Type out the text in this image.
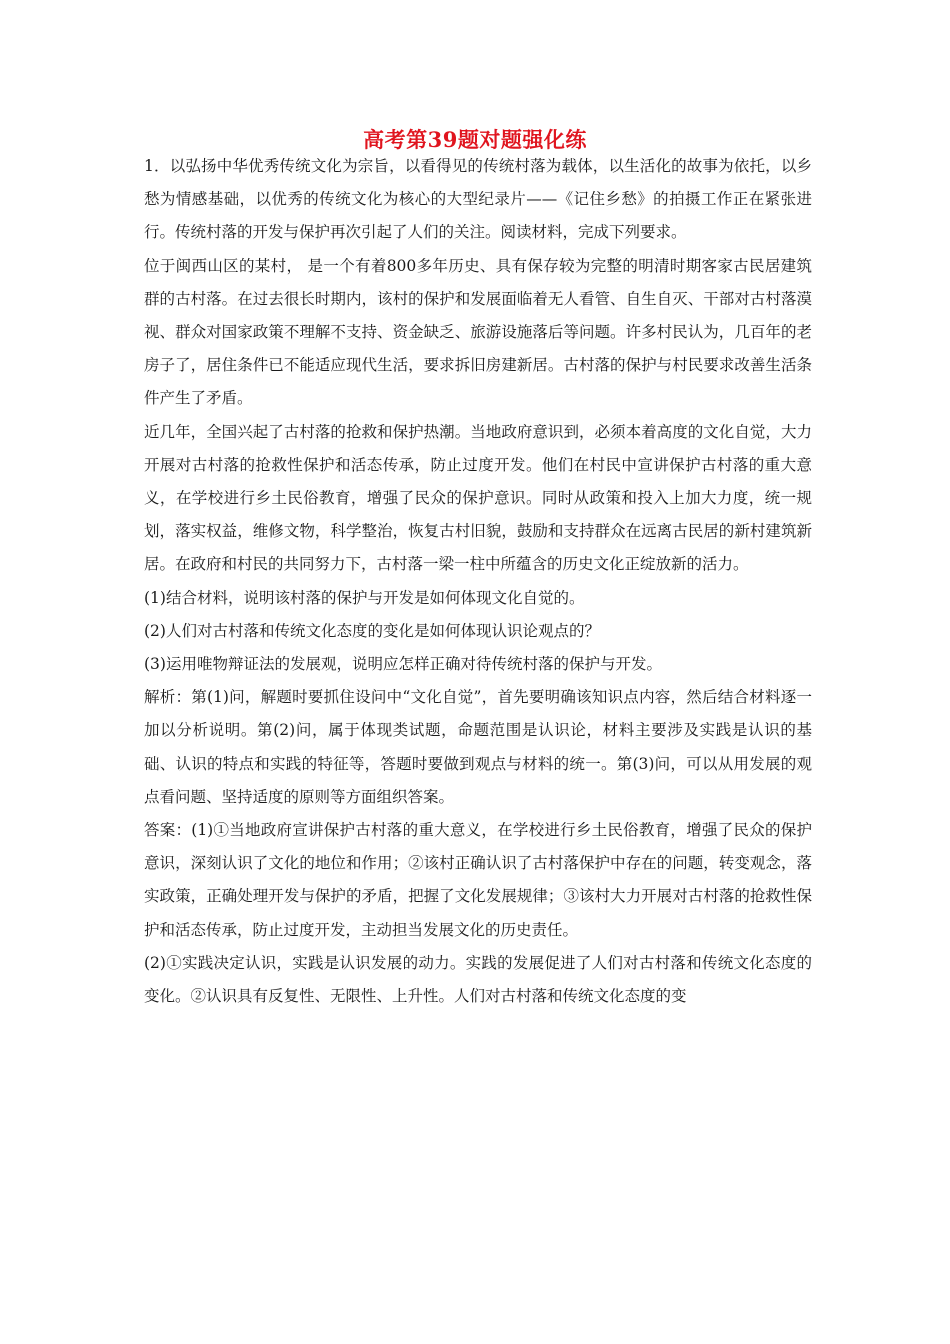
高考第39题对题强化练

1．以弘扬中华优秀传统文化为宗旨，以看得见的传统村落为载体，以生活化的故事为依托，以乡愁为情感基础，以优秀的传统文化为核心的大型纪录片——《记住乡愁》的拍摄工作正在紧张进行。传统村落的开发与保护再次引起了人们的关注。阅读材料，完成下列要求。

位于闽西山区的某村， 是一个有着800多年历史、具有保存较为完整的明清时期客家古民居建筑群的古村落。在过去很长时期内，该村的保护和发展面临着无人看管、自生自灭、干部对古村落漠视、群众对国家政策不理解不支持、资金缺乏、旅游设施落后等问题。许多村民认为，几百年的老房子了，居住条件已不能适应现代生活，要求拆旧房建新居。古村落的保护与村民要求改善生活条件产生了矛盾。

近几年，全国兴起了古村落的抢救和保护热潮。当地政府意识到，必须本着高度的文化自觉，大力开展对古村落的抢救性保护和活态传承，防止过度开发。他们在村民中宣讲保护古村落的重大意义，在学校进行乡土民俗教育，增强了民众的保护意识。同时从政策和投入上加大力度，统一规划，落实权益，维修文物，科学整治，恢复古村旧貌，鼓励和支持群众在远离古民居的新村建筑新居。在政府和村民的共同努力下，古村落一梁一柱中所蕴含的历史文化正绽放新的活力。

(1)结合材料，说明该村落的保护与开发是如何体现文化自觉的。

(2)人们对古村落和传统文化态度的变化是如何体现认识论观点的？

(3)运用唯物辩证法的发展观，说明应怎样正确对待传统村落的保护与开发。

解析：第(1)问，解题时要抓住设问中“文化自觉”，首先要明确该知识点内容，然后结合材料逐一加以分析说明。第(2)问，属于体现类试题，命题范围是认识论，材料主要涉及实践是认识的基础、认识的特点和实践的特征等，答题时要做到观点与材料的统一。第(3)问，可以从用发展的观点看问题、坚持适度的原则等方面组织答案。

答案：(1)①当地政府宣讲保护古村落的重大意义，在学校进行乡土民俗教育，增强了民众的保护意识，深刻认识了文化的地位和作用；②该村正确认识了古村落保护中存在的问题，转变观念，落实政策，正确处理开发与保护的矛盾，把握了文化发展规律；③该村大力开展对古村落的抢救性保护和活态传承，防止过度开发，主动担当发展文化的历史责任。

(2)①实践决定认识，实践是认识发展的动力。实践的发展促进了人们对古村落和传统文化态度的变化。②认识具有反复性、无限性、上升性。人们对古村落和传统文化态度的变
